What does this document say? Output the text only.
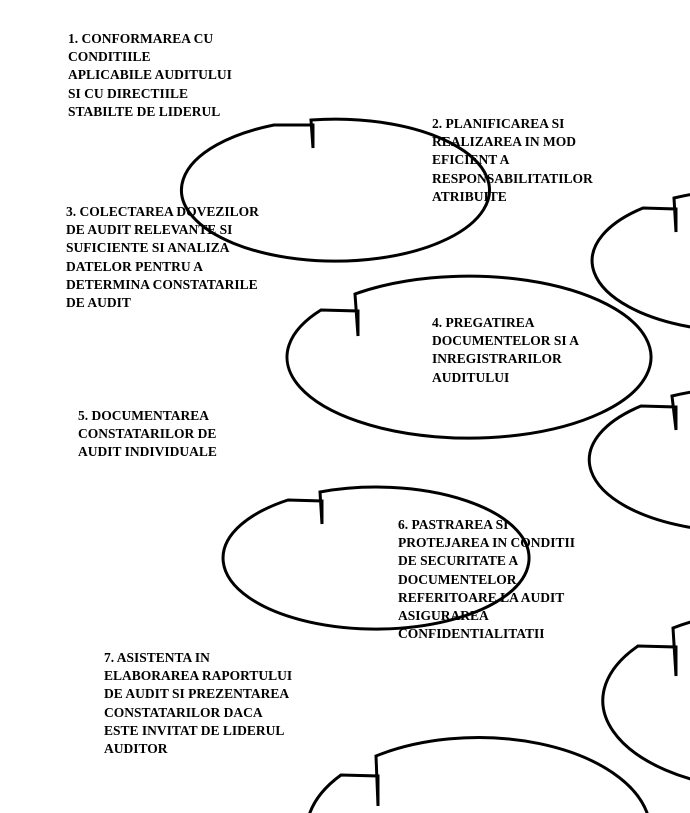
1. CONFORMAREA CU
CONDITIILE
APLICABILE AUDITULUI
SI CU DIRECTIILE
STABILTE DE LIDERUL
2. PLANIFICAREA SI
REALIZAREA IN MOD
EFICIENT A
RESPONSABILITATILOR
ATRIBUITE
3. COLECTAREA DOVEZILOR
DE AUDIT RELEVANTE SI
SUFICIENTE SI ANALIZA
DATELOR PENTRU A
DETERMINA CONSTATARILE
DE AUDIT
4. PREGATIREA
DOCUMENTELOR SI A
INREGISTRARILOR
AUDITULUI
5. DOCUMENTAREA
CONSTATARILOR DE
AUDIT INDIVIDUALE
6. PASTRAREA SI
PROTEJAREA IN CONDITII
DE SECURITATE A
DOCUMENTELOR
REFERITOARE LA AUDIT
ASIGURAREA
CONFIDENTIALITATII
7. ASISTENTA IN
ELABORAREA RAPORTULUI
DE AUDIT SI PREZENTAREA
CONSTATARILOR DACA
ESTE INVITAT DE LIDERUL
AUDITOR
